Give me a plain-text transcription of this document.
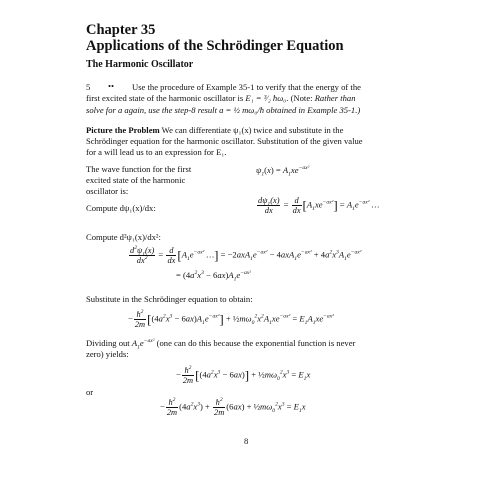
Chapter 35
Applications of the Schrödinger Equation
The Harmonic Oscillator
5 •• Use the procedure of Example 35-1 to verify that the energy of the
first excited state of the harmonic oscillator is E₁ = ³⁄₂ ħω₀. (Note: Rather than
solve for a again, use the step-8 result a = ½ mω₀/ħ obtained in Example 35-1.)
Picture the Problem We can differentiate ψ₁(x) twice and substitute in the
Schrödinger equation for the harmonic oscillator. Substitution of the given value
for a will lead us to an expression for E₁.
The wave function for the first
excited state of the harmonic
oscillator is:
$\psi_1(x) = A_1xe^{-ax^2}$
Compute dψ₁(x)/dx:	$\frac{d\psi_1(x)}{dx} = \frac{d}{dx} [A_1xe^{-ax^2}] = A_1e^{-ax^2}$ …
Compute d²ψ₁(x)/dx²:
$\frac{d^2\psi_1(x)}{dx^2} = \frac{d}{dx} [A_1e^{-ax^2}$ …] = $-2axA_1e^{-ax^2} - 4axA_1e^{-ax^2} + 4a^2x^3A_1e^{-ax^2}$
= $(4a^2x^3 - 6ax)A_1e^{-ax^2}$
Substitute in the Schrödinger equation to obtain:
− $\frac{ħ^2}{2m} [(4a^2x^3 - 6ax)A_1e^{-ax^2}]$ + $\frac{1}{2}m\omega_0^2x^2A_1xe^{-ax^2} = E_1A_1xe^{-ax^2}$
Dividing out $A_1e^{-ax^2}$ (one can do this because the exponential function is never
zero) yields:
− $\frac{ħ^2}{2m} [(4a^2x^3 - 6ax)]$ + $\frac{1}{2}m\omega_0^2x^3 = E_1x$
or
− $\frac{ħ^2}{2m} (4a^2x^3) + \frac{ħ^2}{2m} (6ax)$ + $\frac{1}{2}m\omega_0^2x^3 = E_1x$
8
